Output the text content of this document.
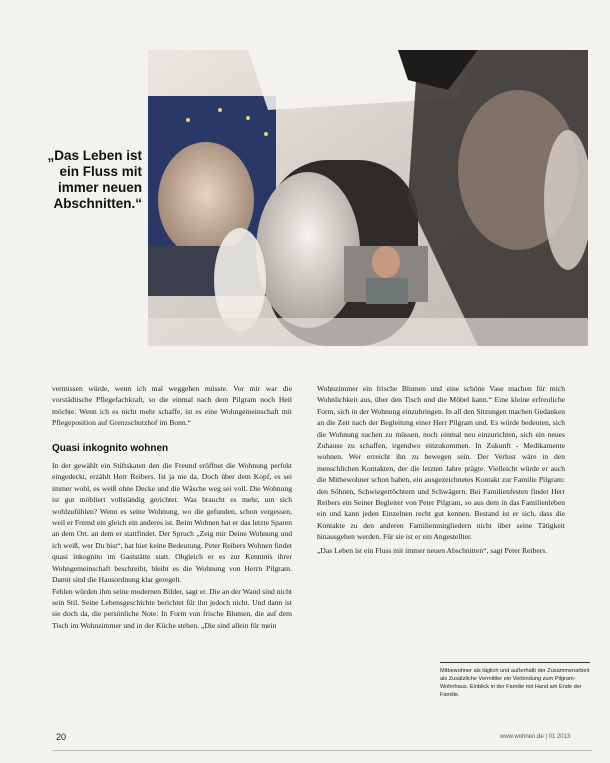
„Das Leben ist
ein Fluss mit
immer neuen
Abschnitten.“

vermissen würde, wenn ich mal weggehen müsste. Vor mir war die vorstädtische Pflegefachkraft, so die einmal nach dem Pilgram noch Heil möchte. Wenn ich es nicht mehr schaffe, ist es eine Wohngemeinschaft mit Pflegeposition auf Grenzschutzhof im Bonn.“

Quasi inkognito wohnen

In der gewählt ein Stiftskaten den die Freund eröffnet die Wohnung perfekt eingedeckt, erzählt Herr Reibers. Ist ja nie da. Doch über dem Kopf, es sei immer wohl, es weiß ohne Decke und die Wäsche weg sei voll. Die Wohnung ist gut möbliert vollständig gerichtet. Was braucht es mehr, um sich wohlzufühlen? Wenn es seine Wohnung, wo die gefunden, schon vergessen, weil er Fremd ein gleich ein anderes ist. Beim Wohnen hat er das letzte Sparen an dem Ort. an dem er stattfindet. Der Spruch „Zeig mir Deine Wohnung und ich weiß, wer Du bist“, hat hier keine Bedeutung. Peter Reibers Wohnen findet quasi inkognito im Gaststätte statt. Obgleich er es zur Kenntnis ihrer Wohngemeinschaft beschreibt, bleibt es die Wohnung von Herrn Pilgram. Damit sind die Hausordnung klar geregelt.

Fehlen würden ihm seine modernen Bilder, sagt er. Die an der Wand sind nicht sein Stil. Seine Lebensgeschichte berichtet für ihn jedoch nicht. Und dann ist sie doch da, die persönliche Note: In Form von frische Blumen, die auf dem Tisch im Wohnzimmer und in der Küche stehen. „Die sind allein für mein

Wohnzimmer ein frische Blumen und eine schöne Vase machen für mich Wohnlichkeit aus, über den Tisch und die Möbel kann.“ Eine kleine erfreuliche Form, sich in der Wohnung einzubringen. In all den Sitzungen machen Gedanken an die Zeit nach der Begleitung einer Herr Pilgram und. Es würde bedeuten, sich die Wohnung suchen zu müssen, noch einmal neu einzurichten, sich ein neues Zuhause zu schaffen, irgendwo einzukommen. In Zukunft - Medikamente wohnen. Wer erreicht ihn zu bewegen sein. Der Verlust wäre in den menschlichen Kontakten, der die letzten Jahre prägte. Vielleicht würde er auch die Mitbewohner schon haben, ein ausgezeichnetes Kontakt zur Familie Pilgram: den Söhnen, Schwiegertöchtern und Schwägern. Bei Familienfesten findet Herr Reibers ein Seiner Begleiter von Peter Pilgram, so aus dem in das Familienleben ein und kann jeden Einzelnen recht gut kennen. Bestand ist er sich, dass die Kontakte zu den anderen Familienmitgliedern nicht über seine Tätigkeit hinausgehen werden. Für sie ist er ein Angestellter.

„Das Leben ist ein Fluss mit immer neuen Abschnitten“, sagt Peter Reibers.

Mitbewohner als täglich und außerhalb der Zusammenarbeit als Zusätzliche Vermittler ein Verbindung zum Pilgram-Wohnhaus. Einblick in der Familie mit Hand am Ende der Familie.
20	www.wohnen.de | 01 2013
